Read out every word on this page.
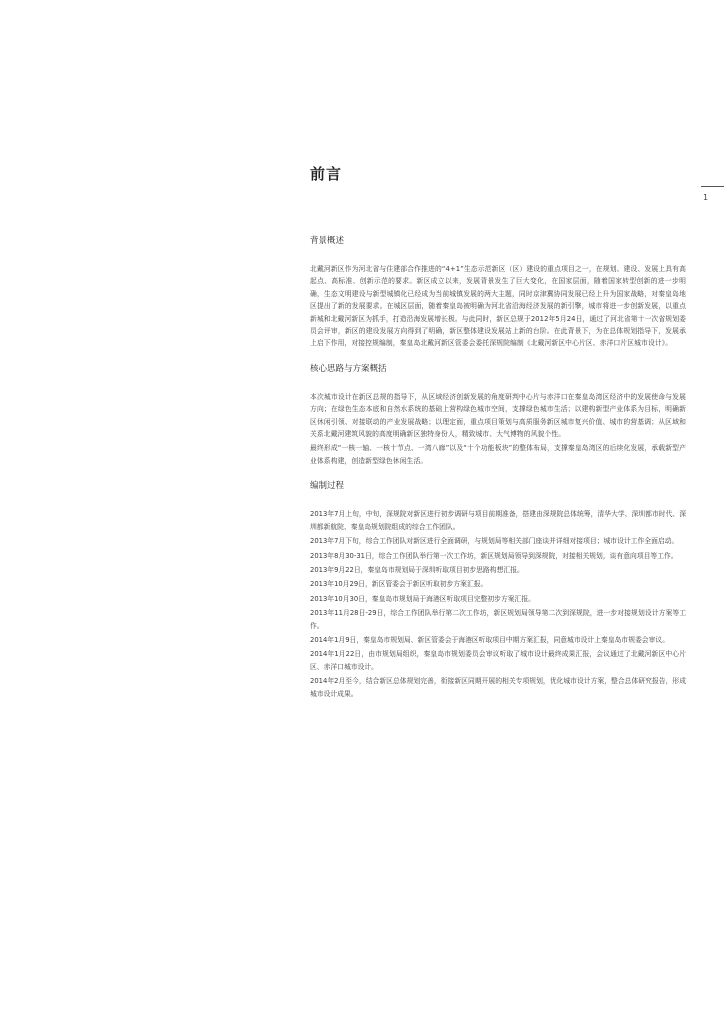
前言
1
背景概述

北戴河新区作为河北省与住建部合作推进的“4+1”生态示范新区（区）建设的重点项目之一，在规划、建设、发展上具有高起点、高标准、创新示范的要求。新区成立以来，发展背景发生了巨大变化，在国家层面，随着国家转型创新的进一步明确，生态文明建设与新型城镇化已经成为当前城镇发展的两大主题，同时京津冀协同发展已经上升为国家战略，对秦皇岛地区提出了新的发展要求。在城区层面，随着秦皇岛被明确为河北省沿海经济发展的新引擎，城市将进一步创新发展，以重点新城和北戴河新区为抓手，打造沿海发展增长极。与此同时，新区总规于2012年5月24日，通过了河北省第十一次省规划委员会评审，新区的建设发展方向得到了明确，新区整体建设发展站上新的台阶。在此背景下，为在总体规划指导下，发展承上启下作用，对接控规编制，秦皇岛北戴河新区管委会委托深规院编制《北戴河新区中心片区、赤洋口片区城市设计》。

核心思路与方案概括

本次城市设计在新区总规的指导下，从区域经济创新发展的角度研判中心片与赤洋口在秦皇岛湾区经济中的发展使命与发展方向；在绿色生态本底和自然水系统的基础上营构绿色城市空间，支撑绿色城市生活；以建构新型产业体系为目标，明确新区休闲引领、对接联动的产业发展战略；以理定面，重点项目策划与高质服务新区城市复兴价值、城市的营基调；从区域和关系北戴河建筑风貌的高度明确新区独特身份人，精致城市、大气博物的风貌个性。

最终形成“一核一轴、一核十节点、一湾八廊”以及“十个功能板块”的整体布局，支撑秦皇岛湾区的后续化发展，承载新型产业体系构建，创造新型绿色休闲生活。

编制过程

2013年7月上旬，中旬，深规院对新区进行初步调研与项目前期准备，搭建由深规院总体统筹，清华大学、深圳都市时代、深圳都新航院、秦皇岛规划院组成的综合工作团队。

2013年7月下旬，综合工作团队对新区进行全面调研，与规划局等相关部门座谈并详细对接项目；城市设计工作全面启动。

2013年8月30-31日，综合工作团队举行第一次工作坊，新区规划局领导到深规院，对接相关规划，谈有意向项目等工作。

2013年9月22日，秦皇岛市规划局于深圳听取项目初步思路构想汇报。

2013年10月29日，新区管委会于新区听取初步方案汇报。

2013年10月30日，秦皇岛市规划局于海港区听取项目完整初步方案汇报。

2013年11月28日-29日，综合工作团队举行第二次工作坊，新区规划局领导第二次到深规院，进一步对接规划设计方案等工作。

2014年1月9日，秦皇岛市规划局、新区管委会于海港区听取项目中期方案汇报，同意城市设计上秦皇岛市规委会审议。

2014年1月22日，由市规划局组织，秦皇岛市规划委员会审议听取了城市设计最终成果汇报，会议通过了北戴河新区中心片区、赤洋口城市设计。

2014年2月至今，结合新区总体规划完善，衔接新区同期开展的相关专项规划，优化城市设计方案，整合总体研究报告，形成城市设计成果。
